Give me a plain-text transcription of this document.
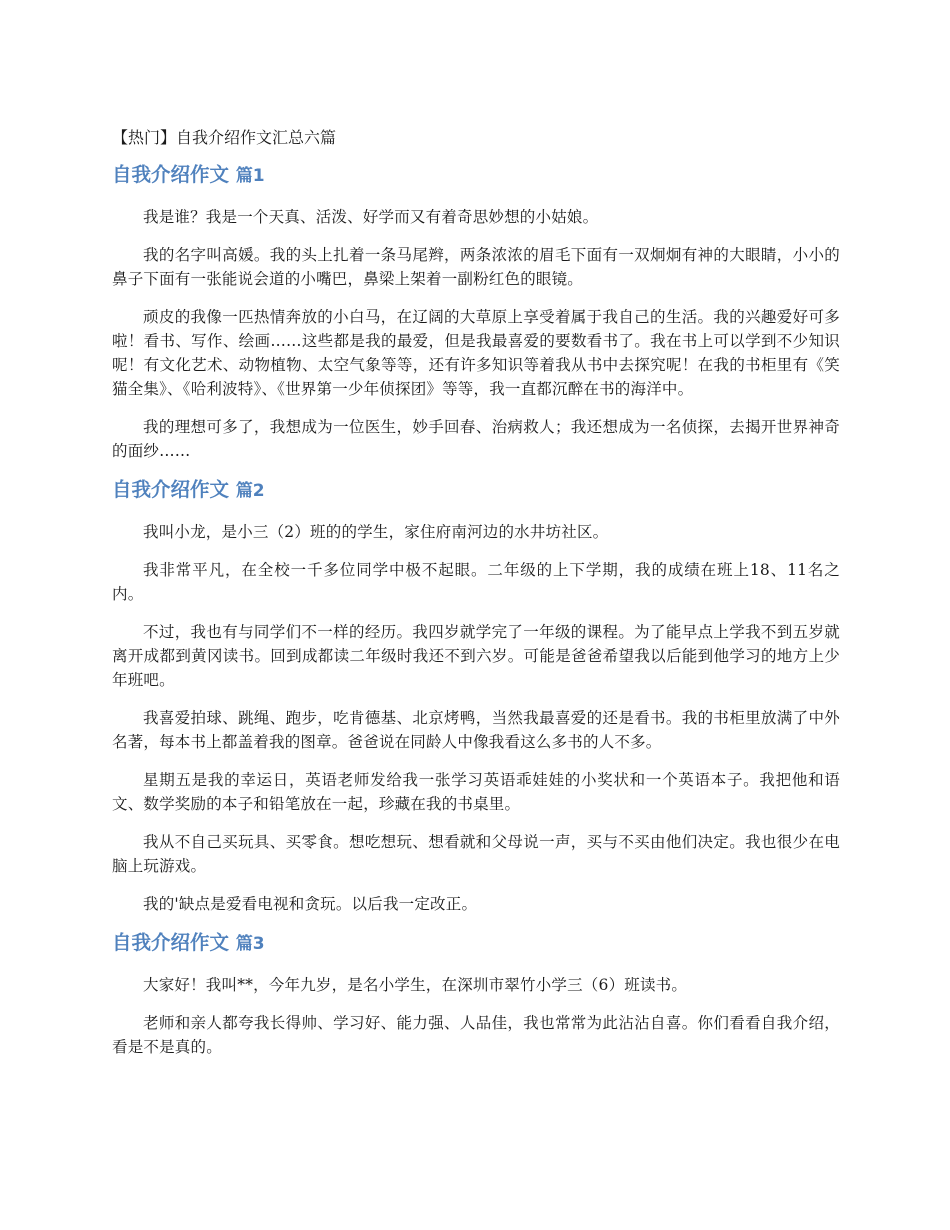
【热门】自我介绍作文汇总六篇
自我介绍作文 篇1

我是谁？我是一个天真、活泼、好学而又有着奇思妙想的小姑娘。

我的名字叫高媛。我的头上扎着一条马尾辫，两条浓浓的眉毛下面有一双炯炯有神的大眼睛，小小的鼻子下面有一张能说会道的小嘴巴，鼻梁上架着一副粉红色的眼镜。

顽皮的我像一匹热情奔放的小白马，在辽阔的大草原上享受着属于我自己的生活。我的兴趣爱好可多啦！看书、写作、绘画……这些都是我的最爱，但是我最喜爱的要数看书了。我在书上可以学到不少知识呢！有文化艺术、动物植物、太空气象等等，还有许多知识等着我从书中去探究呢！在我的书柜里有《笑猫全集》、《哈利波特》、《世界第一少年侦探团》等等，我一直都沉醉在书的海洋中。

我的理想可多了，我想成为一位医生，妙手回春、治病救人；我还想成为一名侦探，去揭开世界神奇的面纱……

自我介绍作文 篇2

我叫小龙，是小三（2）班的的学生，家住府南河边的水井坊社区。

我非常平凡，在全校一千多位同学中极不起眼。二年级的上下学期，我的成绩在班上18、11名之内。

不过，我也有与同学们不一样的经历。我四岁就学完了一年级的课程。为了能早点上学我不到五岁就离开成都到黄冈读书。回到成都读二年级时我还不到六岁。可能是爸爸希望我以后能到他学习的地方上少年班吧。

我喜爱拍球、跳绳、跑步，吃肯德基、北京烤鸭，当然我最喜爱的还是看书。我的书柜里放满了中外名著，每本书上都盖着我的图章。爸爸说在同龄人中像我看这么多书的人不多。

星期五是我的幸运日，英语老师发给我一张学习英语乖娃娃的小奖状和一个英语本子。我把他和语文、数学奖励的本子和铅笔放在一起，珍藏在我的书桌里。

我从不自己买玩具、买零食。想吃想玩、想看就和父母说一声，买与不买由他们决定。我也很少在电脑上玩游戏。

我的'缺点是爱看电视和贪玩。以后我一定改正。

自我介绍作文 篇3

大家好！我叫**，今年九岁，是名小学生，在深圳市翠竹小学三（6）班读书。

老师和亲人都夸我长得帅、学习好、能力强、人品佳，我也常常为此沾沾自喜。你们看看自我介绍，看是不是真的。
